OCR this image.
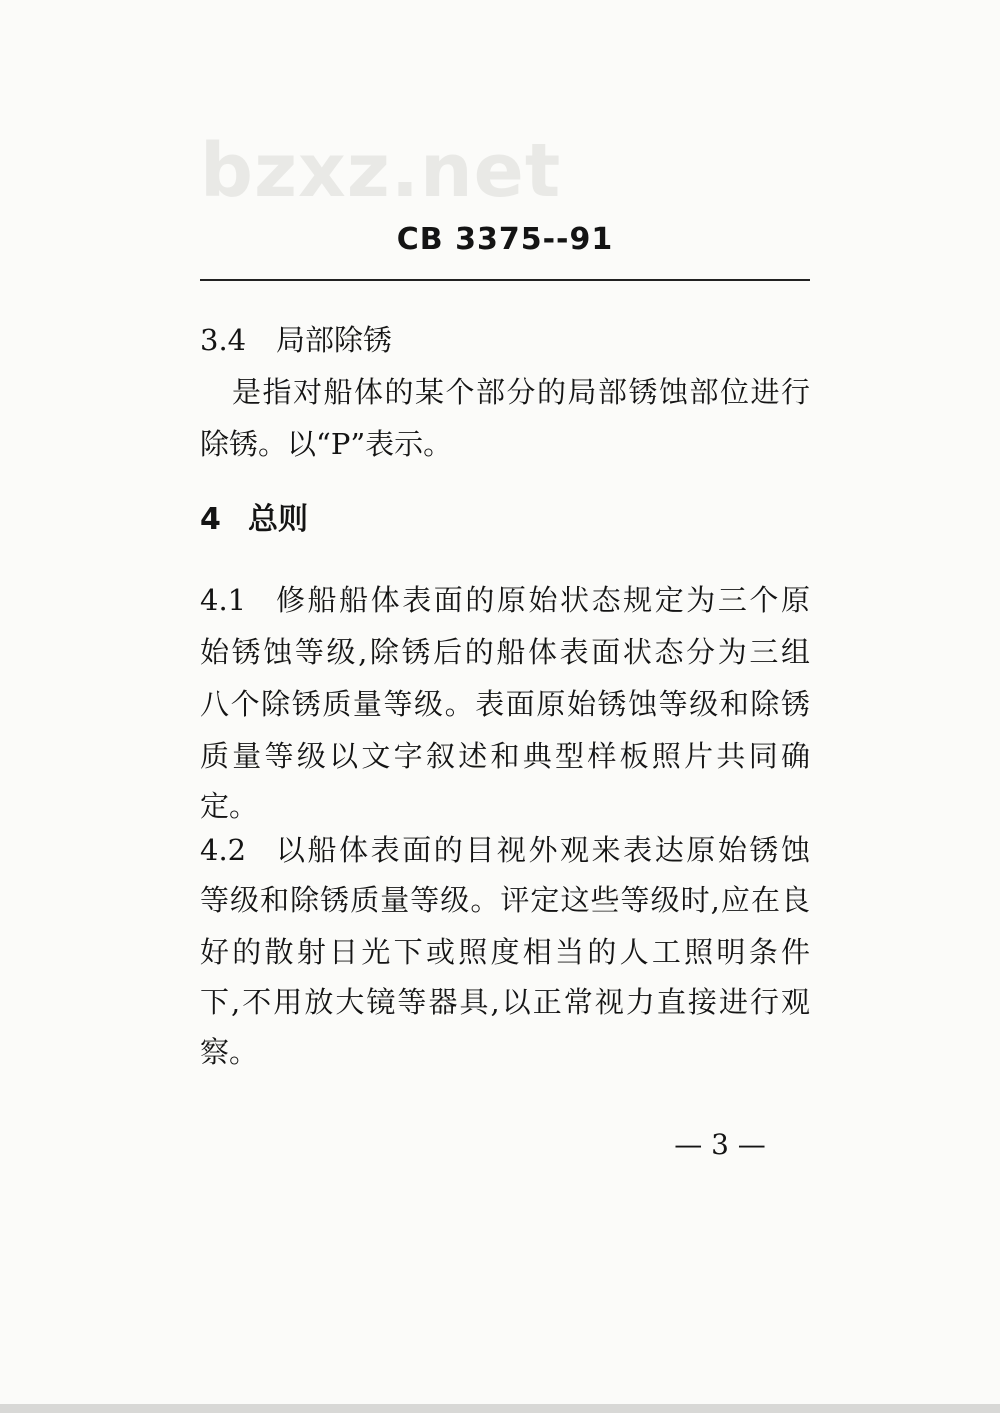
bzxz.net
CB 3375--91
3.4 局部除锈
是指对船体的某个部分的局部锈蚀部位进行
除锈。以“P”表示。
4 总则
4.1 修船船体表面的原始状态规定为三个原
始锈蚀等级,除锈后的船体表面状态分为三组
八个除锈质量等级。表面原始锈蚀等级和除锈
质量等级以文字叙述和典型样板照片共同确
定。
4.2 以船体表面的目视外观来表达原始锈蚀
等级和除锈质量等级。评定这些等级时,应在良
好的散射日光下或照度相当的人工照明条件
下,不用放大镜等器具,以正常视力直接进行观
察。
— 3 —
